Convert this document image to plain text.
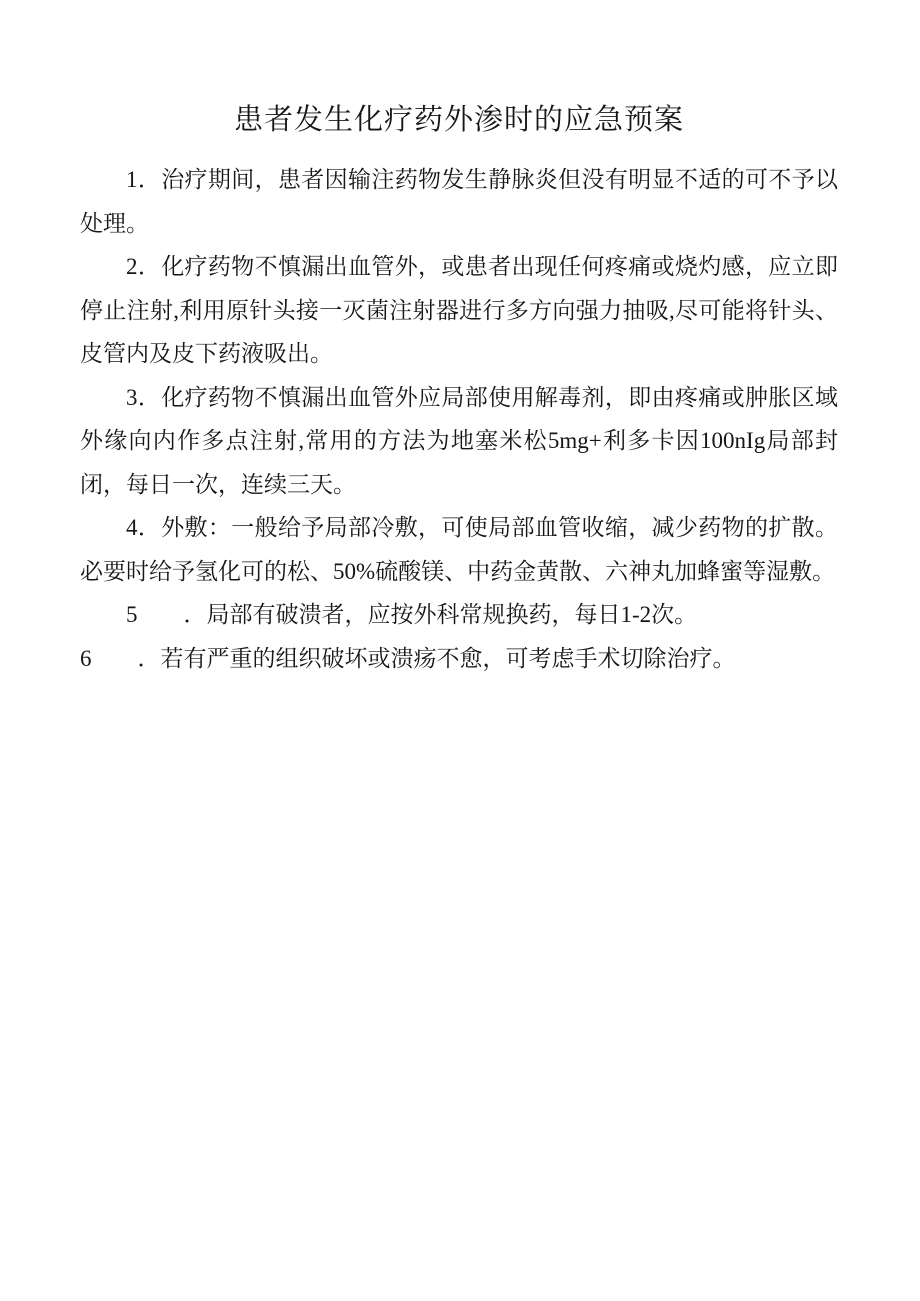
患者发生化疗药外渗时的应急预案

1．治疗期间，患者因输注药物发生静脉炎但没有明显不适的可不予以处理。

2．化疗药物不慎漏出血管外，或患者出现任何疼痛或烧灼感，应立即停止注射,利用原针头接一灭菌注射器进行多方向强力抽吸,尽可能将针头、皮管内及皮下药液吸出。

3．化疗药物不慎漏出血管外应局部使用解毒剂，即由疼痛或肿胀区域外缘向内作多点注射,常用的方法为地塞米松5mg+利多卡因100nIg局部封闭，每日一次，连续三天。

4．外敷：一般给予局部冷敷，可使局部血管收缩，减少药物的扩散。必要时给予氢化可的松、50%硫酸镁、中药金黄散、六神丸加蜂蜜等湿敷。

5　　．局部有破溃者，应按外科常规换药，每日1-2次。

6　　．若有严重的组织破坏或溃疡不愈，可考虑手术切除治疗。
